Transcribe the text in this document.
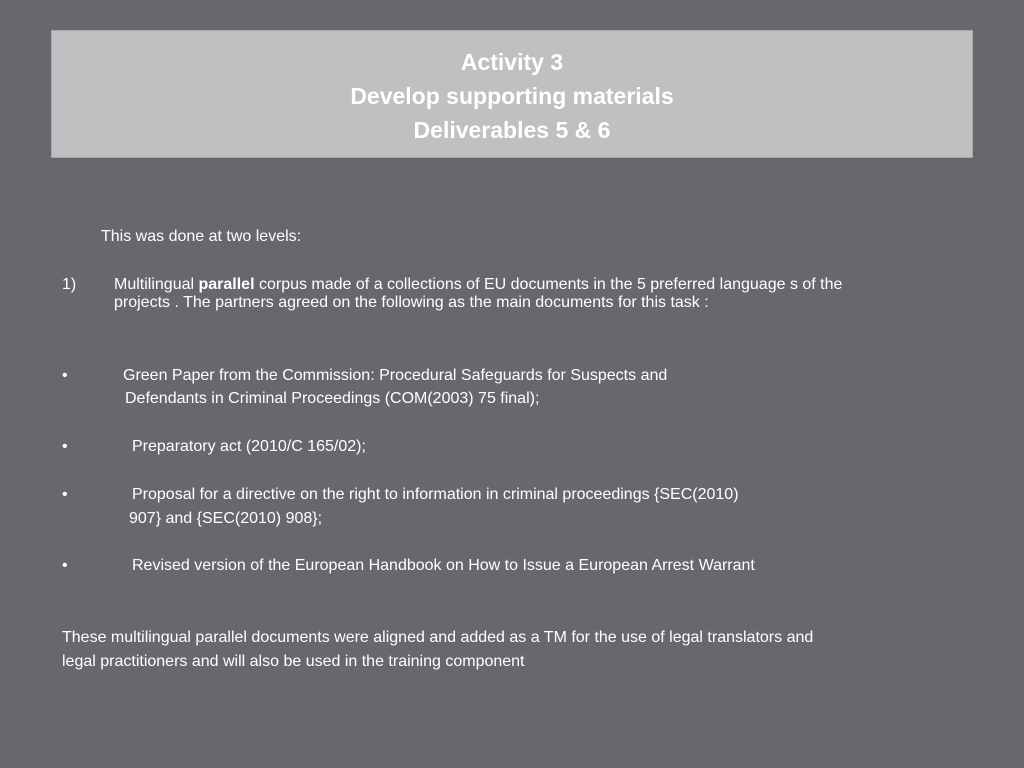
Activity 3
Develop supporting materials
Deliverables 5 & 6
This was done at two levels:
1) Multilingual parallel corpus made of a collections of EU documents in the 5 preferred language s of the
projects . The partners agreed on the following as the main documents for this task :
•	Green Paper from the Commission: Procedural Safeguards for Suspects and
Defendants in Criminal Proceedings (COM(2003) 75 final);
•	Preparatory act (2010/C 165/02);
•	Proposal for a directive on the right to information in criminal proceedings {SEC(2010)
907} and {SEC(2010) 908};
•	Revised version of the European Handbook on How to Issue a European Arrest Warrant
These multilingual parallel documents were aligned and added as a TM for the use of legal translators and
legal practitioners and will also be used in the training component
